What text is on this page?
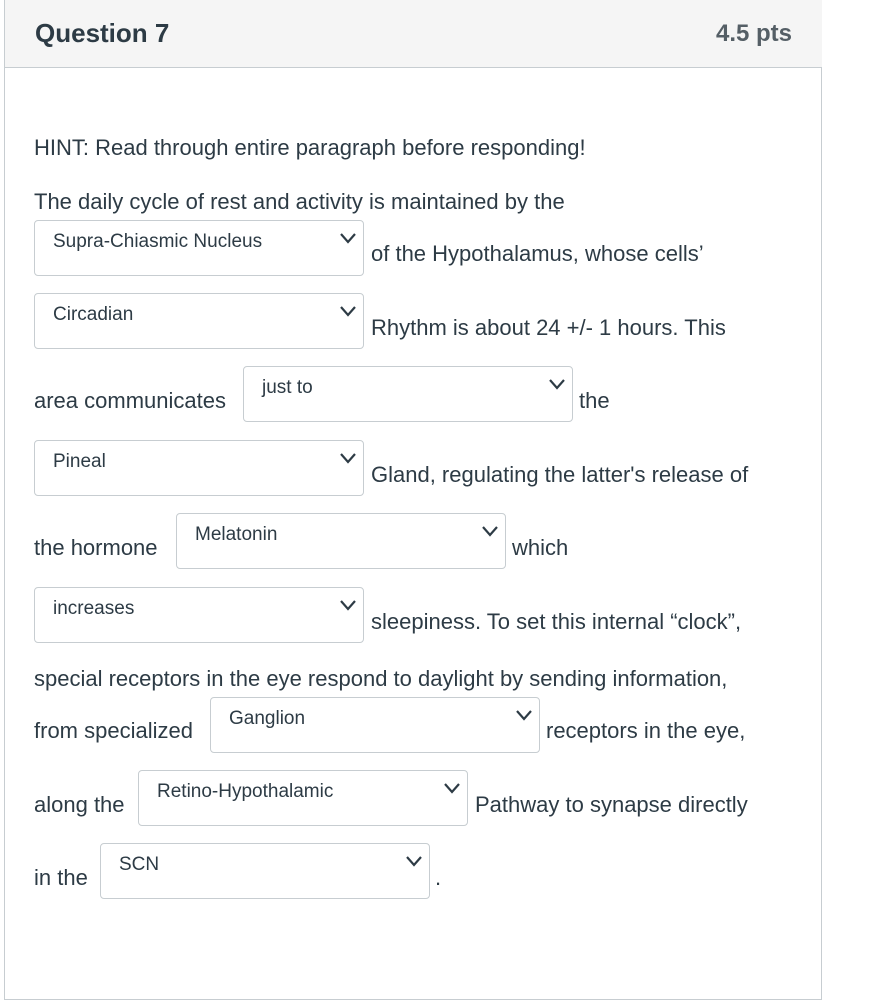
Question 7	4.5 pts
HINT: Read through entire paragraph before responding!
The daily cycle of rest and activity is maintained by the
Supra-Chiasmic Nucleus	of the Hypothalamus, whose cells’
Circadian
Rhythm is about 24 +/- 1 hours. This
area communicates
just to
the
Pineal
Gland, regulating the latter's release of
the hormone
Melatonin
which
increases
sleepiness. To set this internal “clock”,
special receptors in the eye respond to daylight by sending information,
from specialized Ganglion	receptors in the eye,
along the
Retino-Hypothalamic
Pathway to synapse directly
in the
SCN
.
